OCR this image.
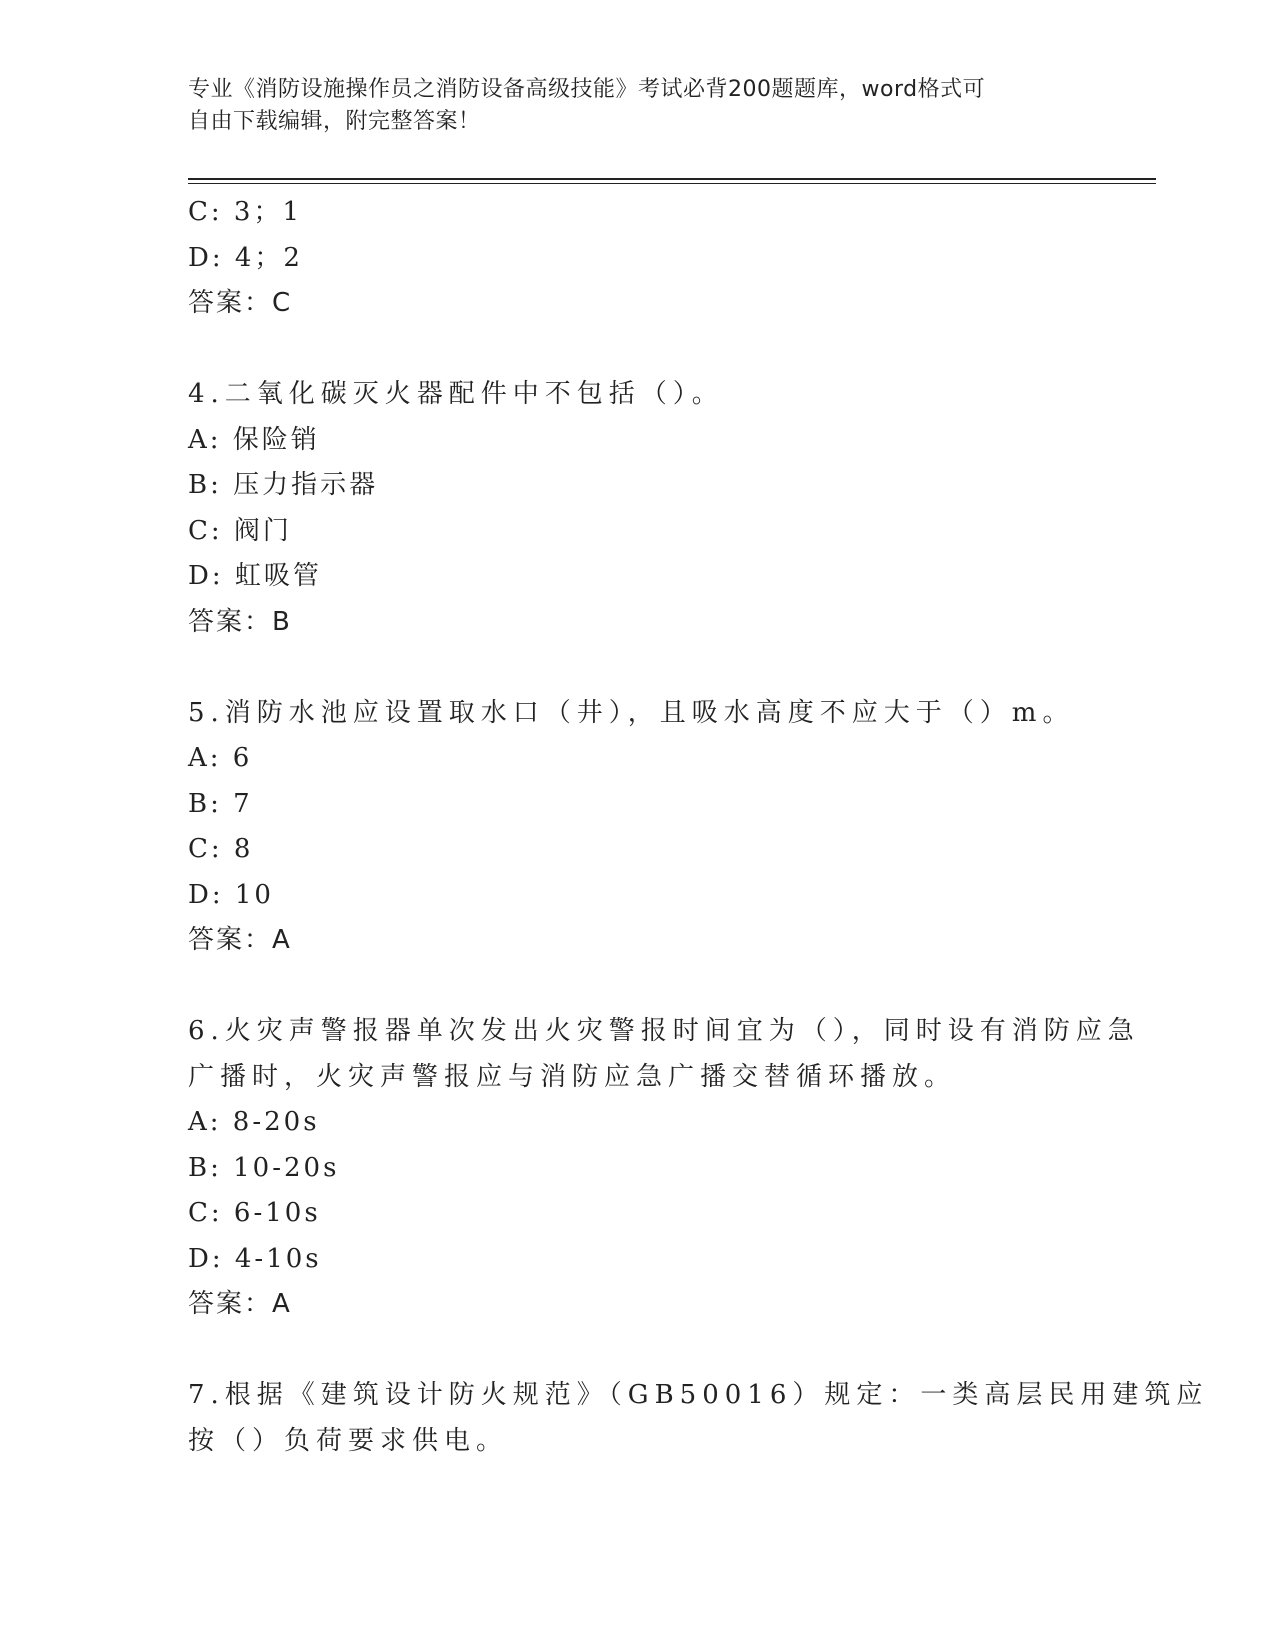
专业《消防设施操作员之消防设备高级技能》考试必背200题题库，word格式可
自由下载编辑，附完整答案！
C: 3；1
D: 4；2
答案：C
4.二氧化碳灭火器配件中不包括（）。
A: 保险销
B: 压力指示器
C: 阀门
D: 虹吸管
答案：B
5.消防水池应设置取水口（井），且吸水高度不应大于（）m。
A: 6
B: 7
C: 8
D: 10
答案：A
6.火灾声警报器单次发出火灾警报时间宜为（），同时设有消防应急
广播时，火灾声警报应与消防应急广播交替循环播放。
A: 8-20s
B: 10-20s
C: 6-10s
D: 4-10s
答案：A
7.根据《建筑设计防火规范》（GB50016）规定：一类高层民用建筑应
按（）负荷要求供电。
